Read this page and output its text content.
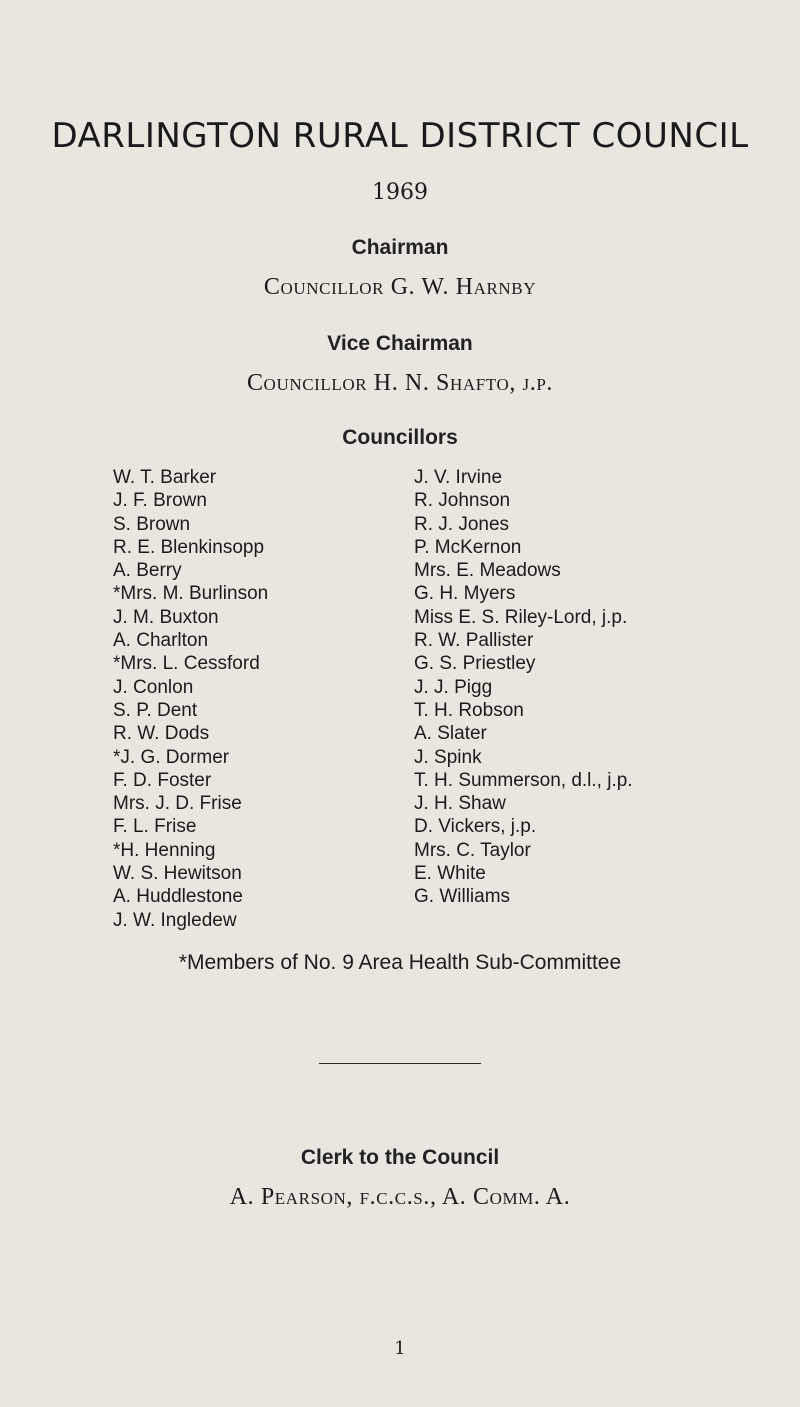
DARLINGTON RURAL DISTRICT COUNCIL
1969
Chairman
Councillor G. W. Harnby
Vice Chairman
Councillor H. N. Shafto, j.p.
Councillors
W. T. Barker
J. F. Brown
S. Brown
R. E. Blenkinsopp
A. Berry
*Mrs. M. Burlinson
J. M. Buxton
A. Charlton
*Mrs. L. Cessford
J. Conlon
S. P. Dent
R. W. Dods
*J. G. Dormer
F. D. Foster
Mrs. J. D. Frise
F. L. Frise
*H. Henning
W. S. Hewitson
A. Huddlestone
J. W. Ingledew
J. V. Irvine
R. Johnson
R. J. Jones
P. McKernon
Mrs. E. Meadows
G. H. Myers
Miss E. S. Riley-Lord, j.p.
R. W. Pallister
G. S. Priestley
J. J. Pigg
T. H. Robson
A. Slater
J. Spink
T. H. Summerson, d.l., j.p.
J. H. Shaw
D. Vickers, j.p.
Mrs. C. Taylor
E. White
G. Williams
*Members of No. 9 Area Health Sub-Committee
Clerk to the Council
A. Pearson, f.c.c.s., A. Comm. A.
1
